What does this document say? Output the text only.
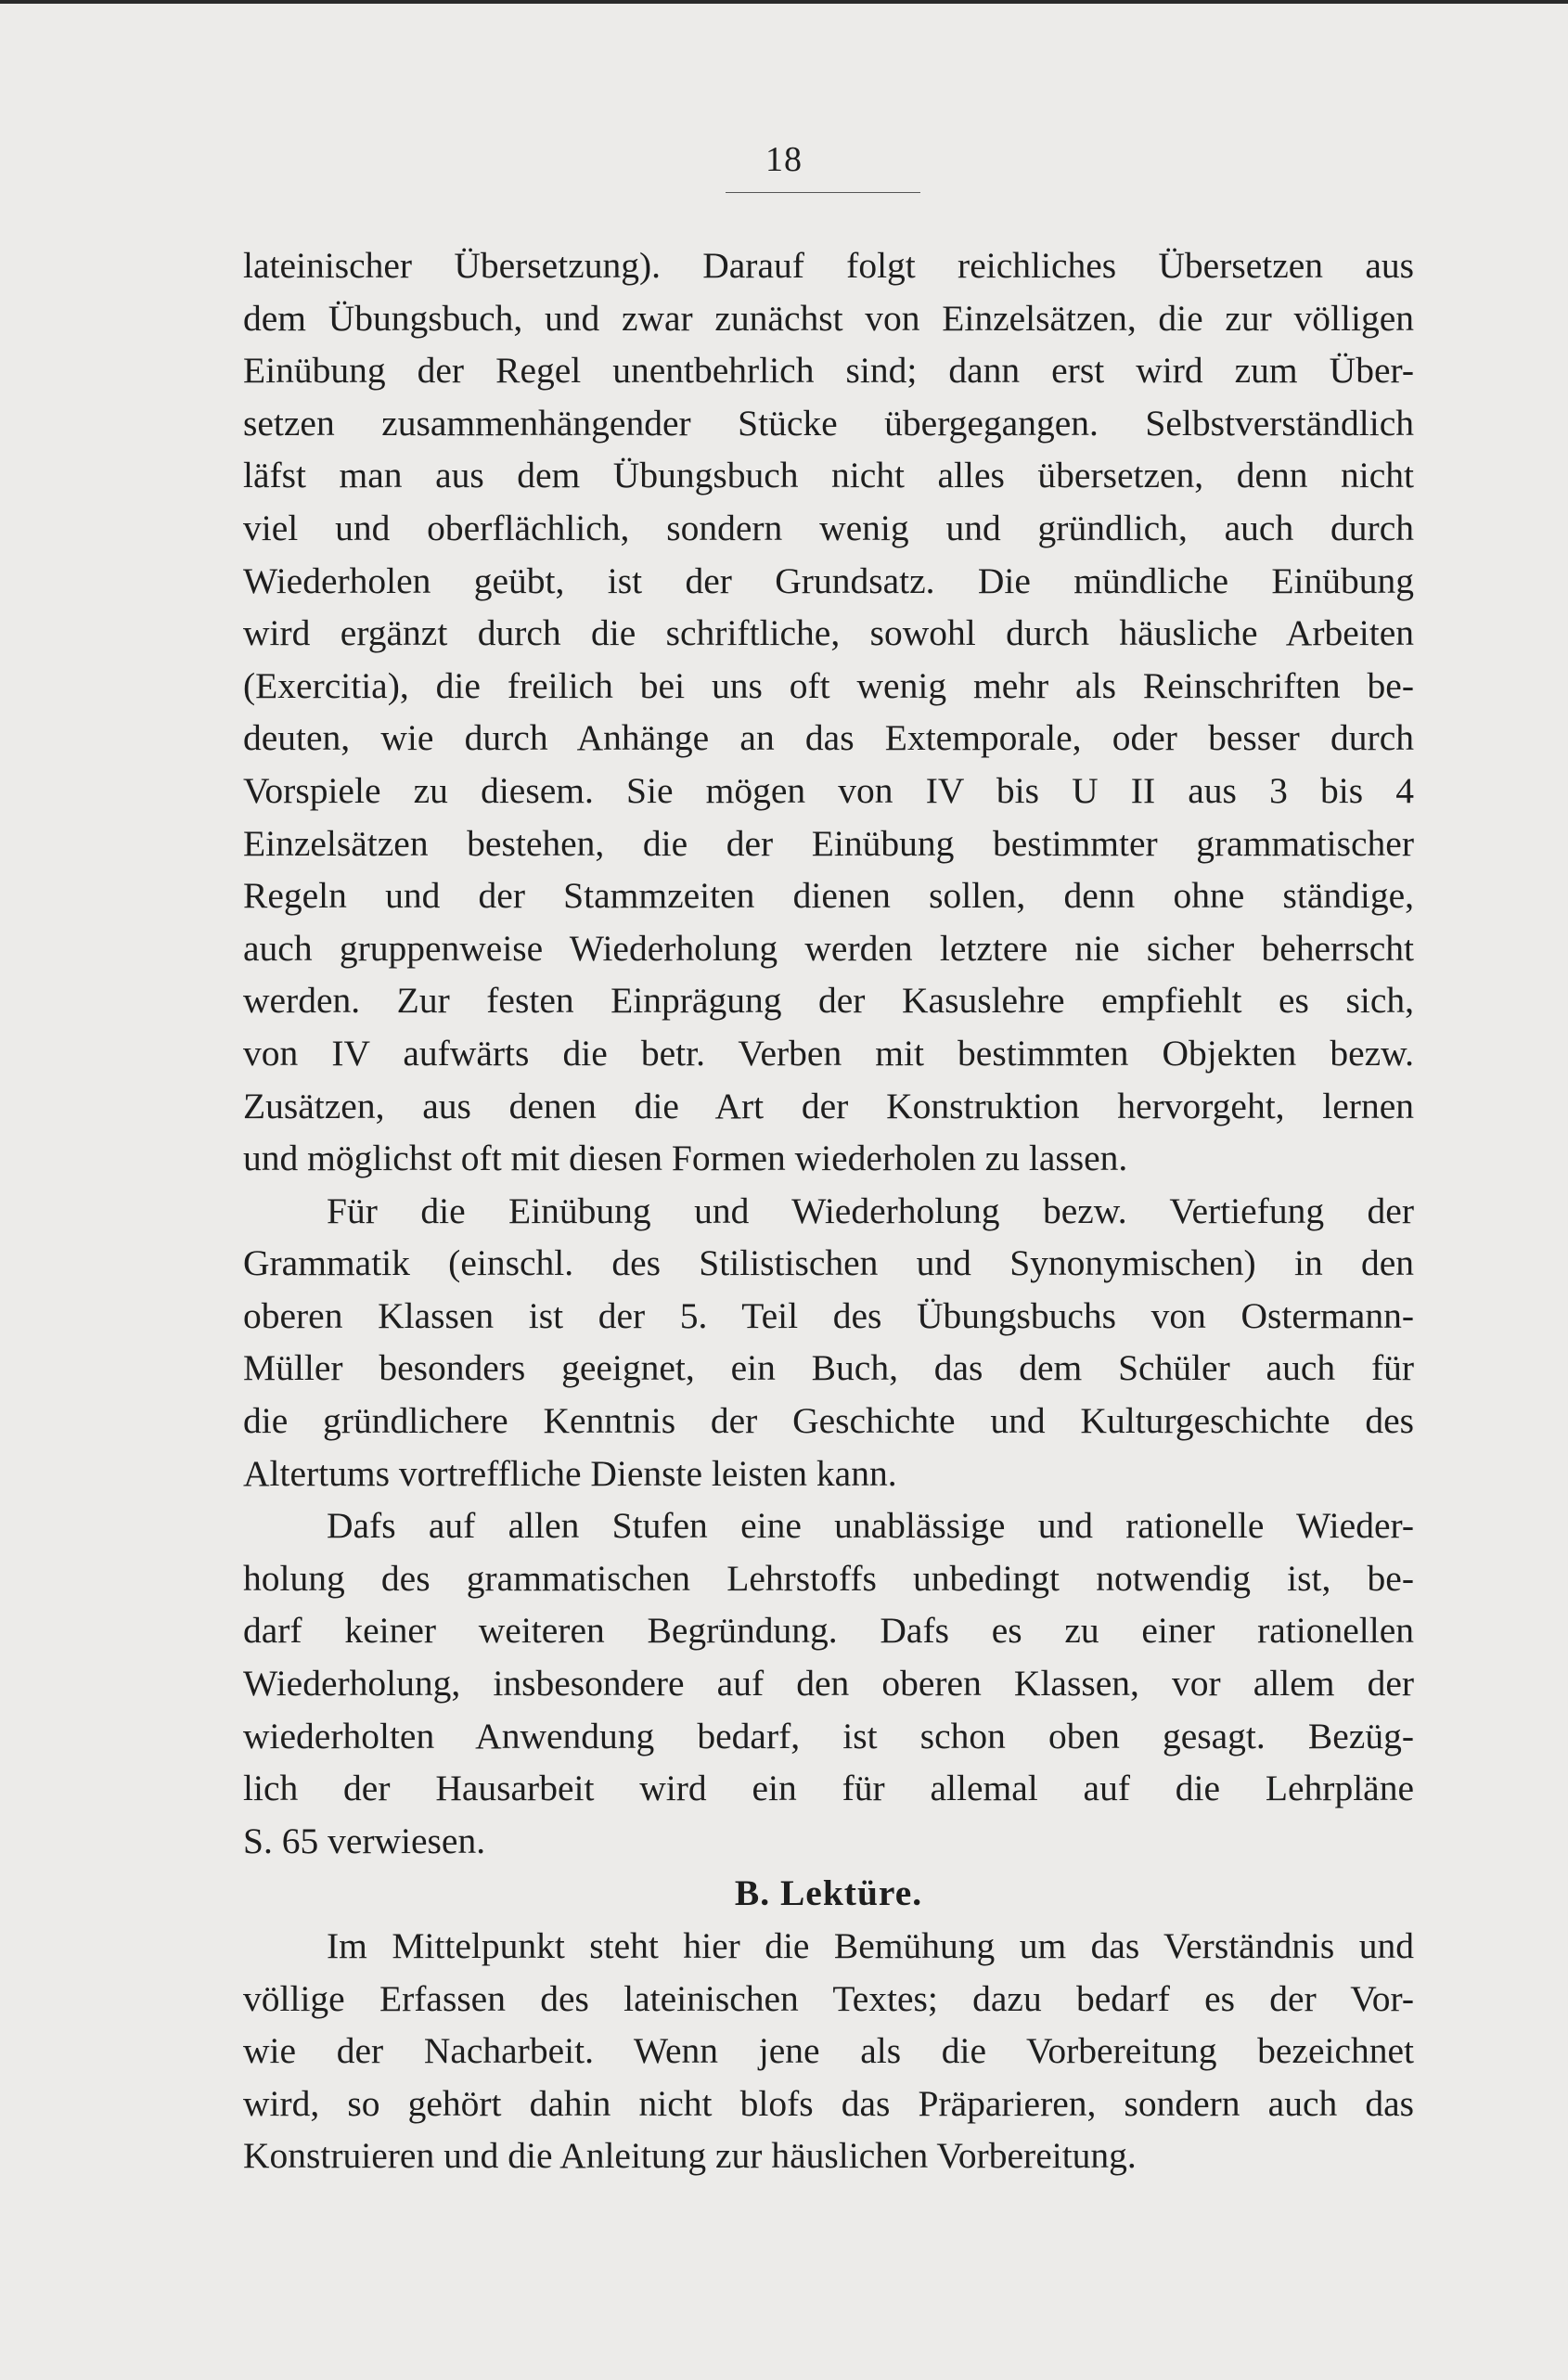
18
lateinischer Übersetzung). Darauf folgt reichliches Übersetzen aus
dem Übungsbuch, und zwar zunächst von Einzelsätzen, die zur völligen
Einübung der Regel unentbehrlich sind; dann erst wird zum Über-
setzen zusammenhängender Stücke übergegangen. Selbstverständlich
läfst man aus dem Übungsbuch nicht alles übersetzen, denn nicht
viel und oberflächlich, sondern wenig und gründlich, auch durch
Wiederholen geübt, ist der Grundsatz. Die mündliche Einübung
wird ergänzt durch die schriftliche, sowohl durch häusliche Arbeiten
(Exercitia), die freilich bei uns oft wenig mehr als Reinschriften be-
deuten, wie durch Anhänge an das Extemporale, oder besser durch
Vorspiele zu diesem. Sie mögen von IV bis U II aus 3 bis 4
Einzelsätzen bestehen, die der Einübung bestimmter grammatischer
Regeln und der Stammzeiten dienen sollen, denn ohne ständige,
auch gruppenweise Wiederholung werden letztere nie sicher beherrscht
werden. Zur festen Einprägung der Kasuslehre empfiehlt es sich,
von IV aufwärts die betr. Verben mit bestimmten Objekten bezw.
Zusätzen, aus denen die Art der Konstruktion hervorgeht, lernen
und möglichst oft mit diesen Formen wiederholen zu lassen.
Für die Einübung und Wiederholung bezw. Vertiefung der
Grammatik (einschl. des Stilistischen und Synonymischen) in den
oberen Klassen ist der 5. Teil des Übungsbuchs von Ostermann-
Müller besonders geeignet, ein Buch, das dem Schüler auch für
die gründlichere Kenntnis der Geschichte und Kulturgeschichte des
Altertums vortreffliche Dienste leisten kann.
Dafs auf allen Stufen eine unablässige und rationelle Wieder-
holung des grammatischen Lehrstoffs unbedingt notwendig ist, be-
darf keiner weiteren Begründung. Dafs es zu einer rationellen
Wiederholung, insbesondere auf den oberen Klassen, vor allem der
wiederholten Anwendung bedarf, ist schon oben gesagt. Bezüg-
lich der Hausarbeit wird ein für allemal auf die Lehrpläne
S. 65 verwiesen.
B. Lektüre.
Im Mittelpunkt steht hier die Bemühung um das Verständnis und
völlige Erfassen des lateinischen Textes; dazu bedarf es der Vor-
wie der Nacharbeit. Wenn jene als die Vorbereitung bezeichnet
wird, so gehört dahin nicht blofs das Präparieren, sondern auch das
Konstruieren und die Anleitung zur häuslichen Vorbereitung.
